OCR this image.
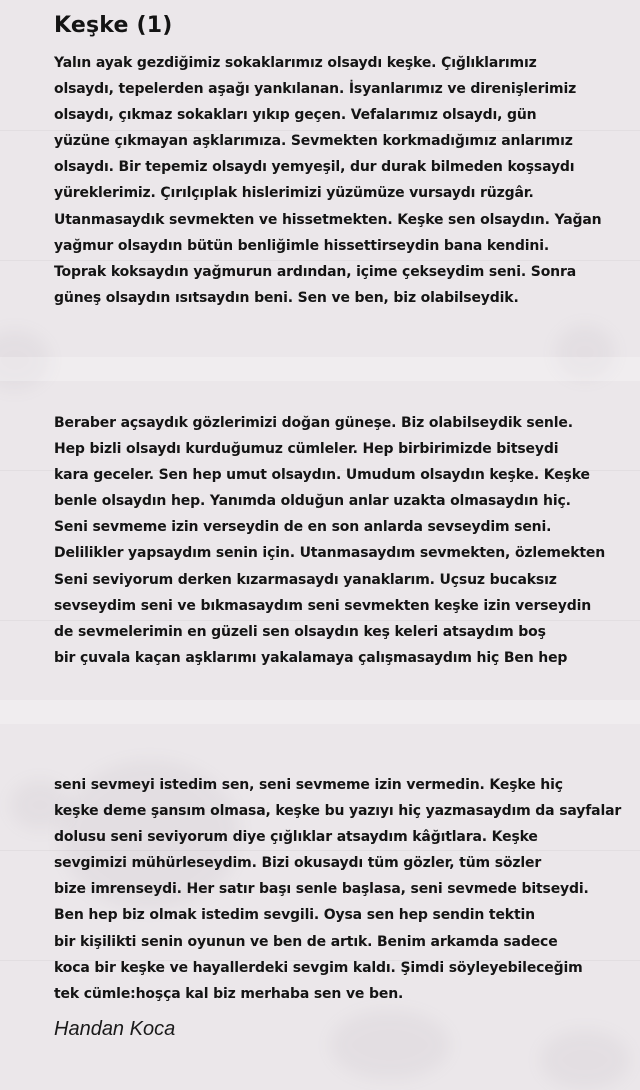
Keşke (1)
Yalın ayak gezdiğimiz sokaklarımız olsaydı keşke. Çığlıklarımız
olsaydı, tepelerden aşağı yankılanan. İsyanlarımız ve direnişlerimiz
olsaydı, çıkmaz sokakları yıkıp geçen. Vefalarımız olsaydı, gün
yüzüne çıkmayan aşklarımıza. Sevmekten korkmadığımız anlarımız
olsaydı. Bir tepemiz olsaydı yemyeşil, dur durak bilmeden koşsaydı
yüreklerimiz. Çırılçıplak hislerimizi yüzümüze vursaydı rüzgâr.
Utanmasaydık sevmekten ve hissetmekten. Keşke sen olsaydın. Yağan
yağmur olsaydın bütün benliğimle hissettirseydin bana kendini.
Toprak koksaydın yağmurun ardından, içime çekseydim seni. Sonra
güneş olsaydın ısıtsaydın beni. Sen ve ben, biz olabilseydik.
Beraber açsaydık gözlerimizi doğan güneşe. Biz olabilseydik senle.
Hep bizli olsaydı kurduğumuz cümleler. Hep birbirimizde bitseydi
kara geceler. Sen hep umut olsaydın. Umudum olsaydın keşke. Keşke
benle olsaydın hep. Yanımda olduğun anlar uzakta olmasaydın hiç.
Seni sevmeme izin verseydin de en son anlarda sevseydim seni.
Delilikler yapsaydım senin için. Utanmasaydım sevmekten, özlemekten
Seni seviyorum derken kızarmasaydı yanaklarım. Uçsuz bucaksız
sevseydim seni ve bıkmasaydım seni sevmekten keşke izin verseydin
de sevmelerimin en güzeli sen olsaydın keş keleri atsaydım boş
bir çuvala kaçan aşklarımı yakalamaya çalışmasaydım hiç Ben hep
seni sevmeyi istedim sen, seni sevmeme izin vermedin. Keşke hiç
keşke deme şansım olmasa, keşke bu yazıyı hiç yazmasaydım da sayfalar
dolusu seni seviyorum diye çığlıklar atsaydım kâğıtlara. Keşke
sevgimizi mühürleseydim. Bizi okusaydı tüm gözler, tüm sözler
bize imrenseydi. Her satır başı senle başlasa, seni sevmede bitseydi.
Ben hep biz olmak istedim sevgili. Oysa sen hep sendin tektin
bir kişilikti senin oyunun ve ben de artık. Benim arkamda sadece
koca bir keşke ve hayallerdeki sevgim kaldı. Şimdi söyleyebileceğim
tek cümle:hoşça kal biz merhaba sen ve ben.
Handan Koca
